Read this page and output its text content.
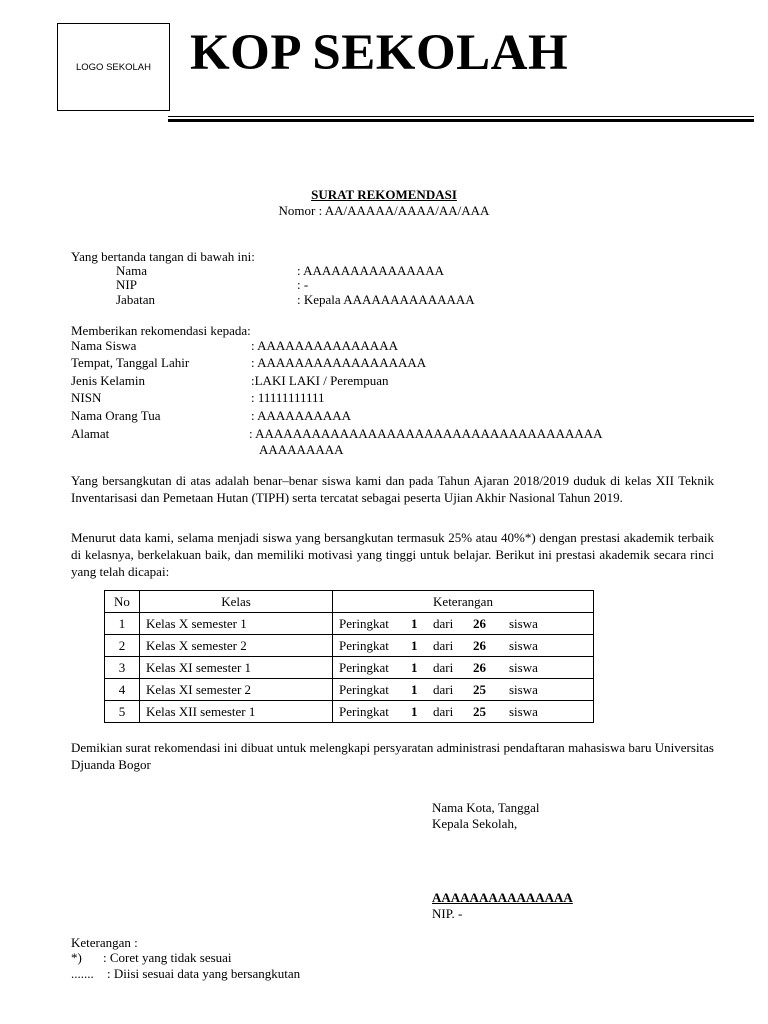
LOGO SEKOLAH KOP SEKOLAH
SURAT REKOMENDASI
Nomor : AA/AAAAA/AAAA/AA/AAA
Yang bertanda tangan di bawah ini:
Nama	: AAAAAAAAAAAAAAA
NIP	: -
Jabatan	: Kepala AAAAAAAAAAAAAA
Memberikan rekomendasi kepada:
Nama Siswa	: AAAAAAAAAAAAAAA
Tempat, Tanggal Lahir	: AAAAAAAAAAAAAAAAAA
Jenis Kelamin	:LAKI LAKI / Perempuan
NISN	: 11111111111
Nama Orang Tua	: AAAAAAAAAA
Alamat	: AAAAAAAAAAAAAAAAAAAAAAAAAAAAAAAAAAAAA
AAAAAAAAA
Yang bersangkutan di atas adalah benar–benar siswa kami dan pada Tahun Ajaran 2018/2019 duduk di kelas XII Teknik Inventarisasi dan Pemetaan Hutan (TIPH) serta tercatat sebagai peserta Ujian Akhir Nasional Tahun 2019.
Menurut data kami, selama menjadi siswa yang bersangkutan termasuk 25% atau 40%*) dengan prestasi akademik terbaik di kelasnya, berkelakuan baik, dan memiliki motivasi yang tinggi untuk belajar. Berikut ini prestasi akademik secara rinci yang telah dicapai:
No	Kelas	Keterangan
1	Kelas X semester 1	Peringkat 1 dari 26 siswa

2	Kelas X semester 2	Peringkat 1 dari 26 siswa

3	Kelas XI semester 1	Peringkat 1 dari 26 siswa

4	Kelas XI semester 2	Peringkat 1 dari 25 siswa

5	Kelas XII semester 1	Peringkat 1 dari 25 siswa
Demikian surat rekomendasi ini dibuat untuk melengkapi persyaratan administrasi pendaftaran mahasiswa baru Universitas Djuanda Bogor
Nama Kota, Tanggal
Kepala Sekolah,
AAAAAAAAAAAAAAA
NIP. -
Keterangan :
*) : Coret yang tidak sesuai
....... : Diisi sesuai data yang bersangkutan
